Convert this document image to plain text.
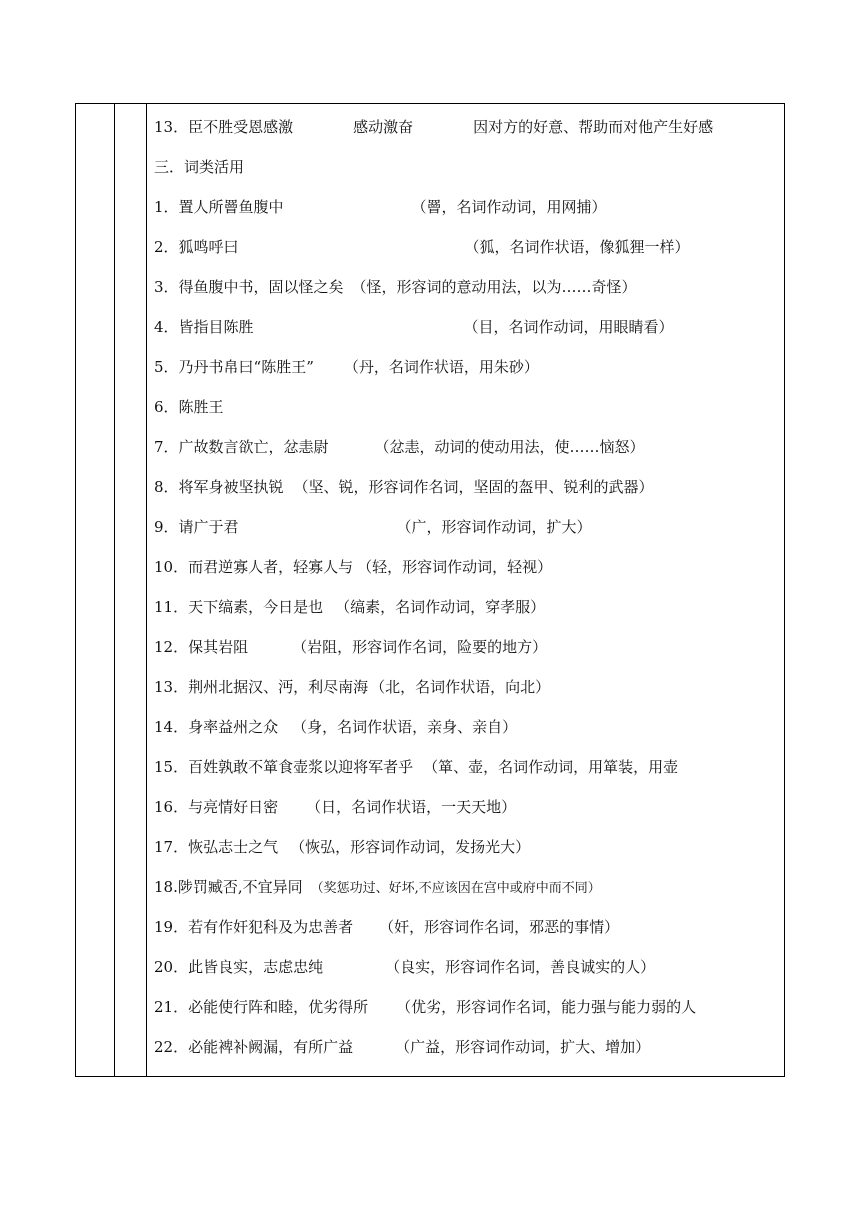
13．臣不胜受恩感激	感动激奋　　　　因对方的好意、帮助而对他产生好感
三．词类活用
1．置人所罾鱼腹中	（罾，名词作动词，用网捕）
2．狐鸣呼曰	（狐，名词作状语，像狐狸一样）
3．得鱼腹中书，固以怪之矣 （怪，形容词的意动用法，以为……奇怪）
4．皆指目陈胜	（目，名词作动词，用眼睛看）
5．乃丹书帛曰“陈胜王” （丹，名词作状语，用朱砂）
6．陈胜王
7．广故数言欲亡，忿恚尉	（忿恚，动词的使动用法，使……恼怒）
8．将军身被坚执锐 （坚、锐，形容词作名词，坚固的盔甲、锐利的武器）
9．请广于君	（广，形容词作动词，扩大）
10．而君逆寡人者，轻寡人与 （轻，形容词作动词，轻视）
11．天下缟素，今日是也 （缟素，名词作动词，穿孝服）
12．保其岩阻	（岩阻，形容词作名词，险要的地方）
13．荆州北据汉、沔，利尽南海 （北，名词作状语，向北）
14．身率益州之众 （身，名词作状语，亲身、亲自）
15．百姓孰敢不箪食壶浆以迎将军者乎 （箪、壶，名词作动词，用箪装，用壶
16．与亮情好日密 （日，名词作状语，一天天地）
17．恢弘志士之气 （恢弘，形容词作动词，发扬光大）
18.陟罚臧否,不宜异同 （奖惩功过、好坏,不应该因在宫中或府中而不同）
19．若有作奸犯科及为忠善者 （奸，形容词作名词，邪恶的事情）
20．此皆良实，志虑忠纯	（良实，形容词作名词，善良诚实的人）
21．必能使行阵和睦，优劣得所 （优劣，形容词作名词，能力强与能力弱的人
22．必能裨补阙漏，有所广益	（广益，形容词作动词，扩大、增加）
